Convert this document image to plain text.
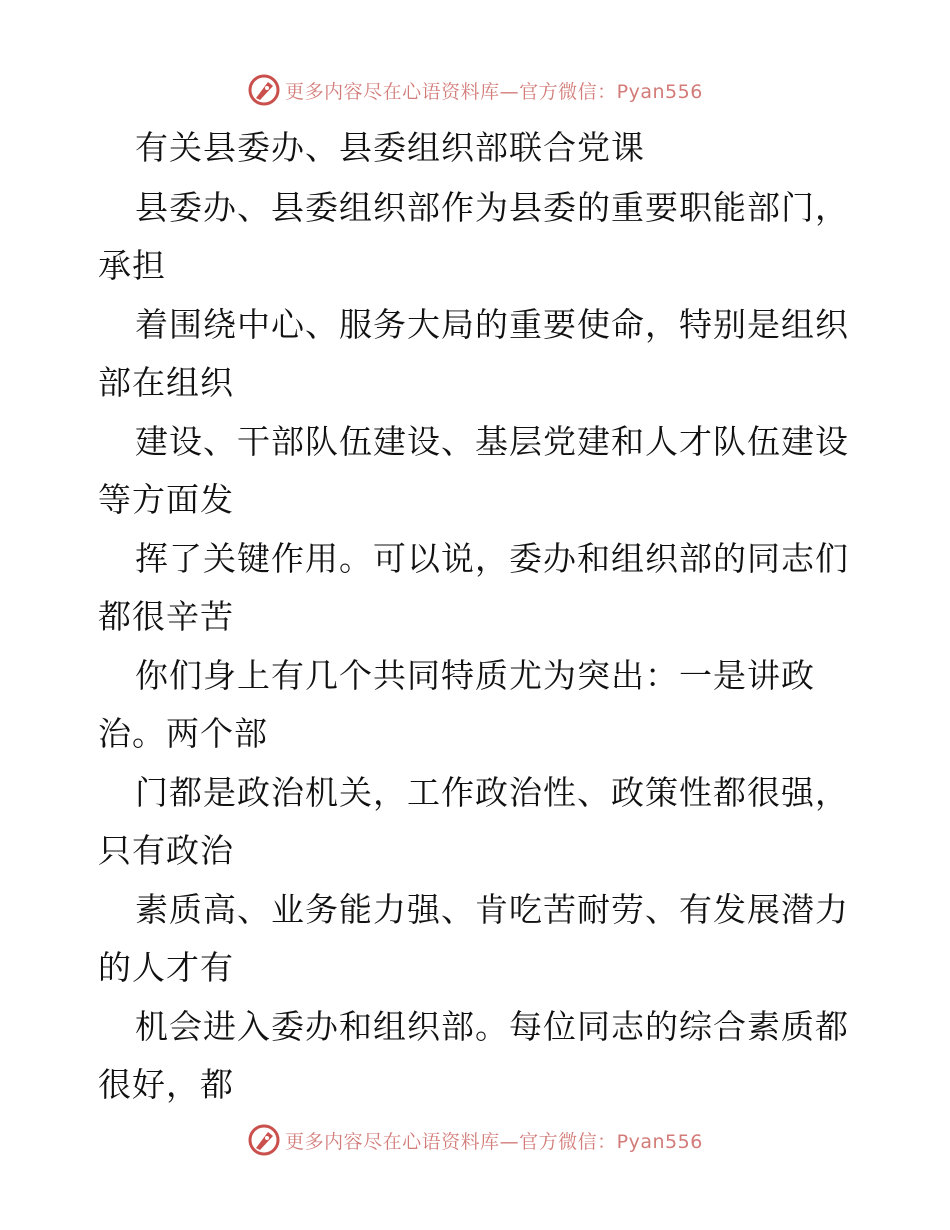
更多内容尽在心语资料库—官方微信：Pyan556
有关县委办、县委组织部联合党课
县委办、县委组织部作为县委的重要职能部门，
承担
着围绕中心、服务大局的重要使命，特别是组织
部在组织
建设、干部队伍建设、基层党建和人才队伍建设
等方面发
挥了关键作用。可以说，委办和组织部的同志们
都很辛苦
你们身上有几个共同特质尤为突出：一是讲政
治。两个部
门都是政治机关，工作政治性、政策性都很强，
只有政治
素质高、业务能力强、肯吃苦耐劳、有发展潜力
的人才有
机会进入委办和组织部。每位同志的综合素质都
很好，都
更多内容尽在心语资料库—官方微信：Pyan556
